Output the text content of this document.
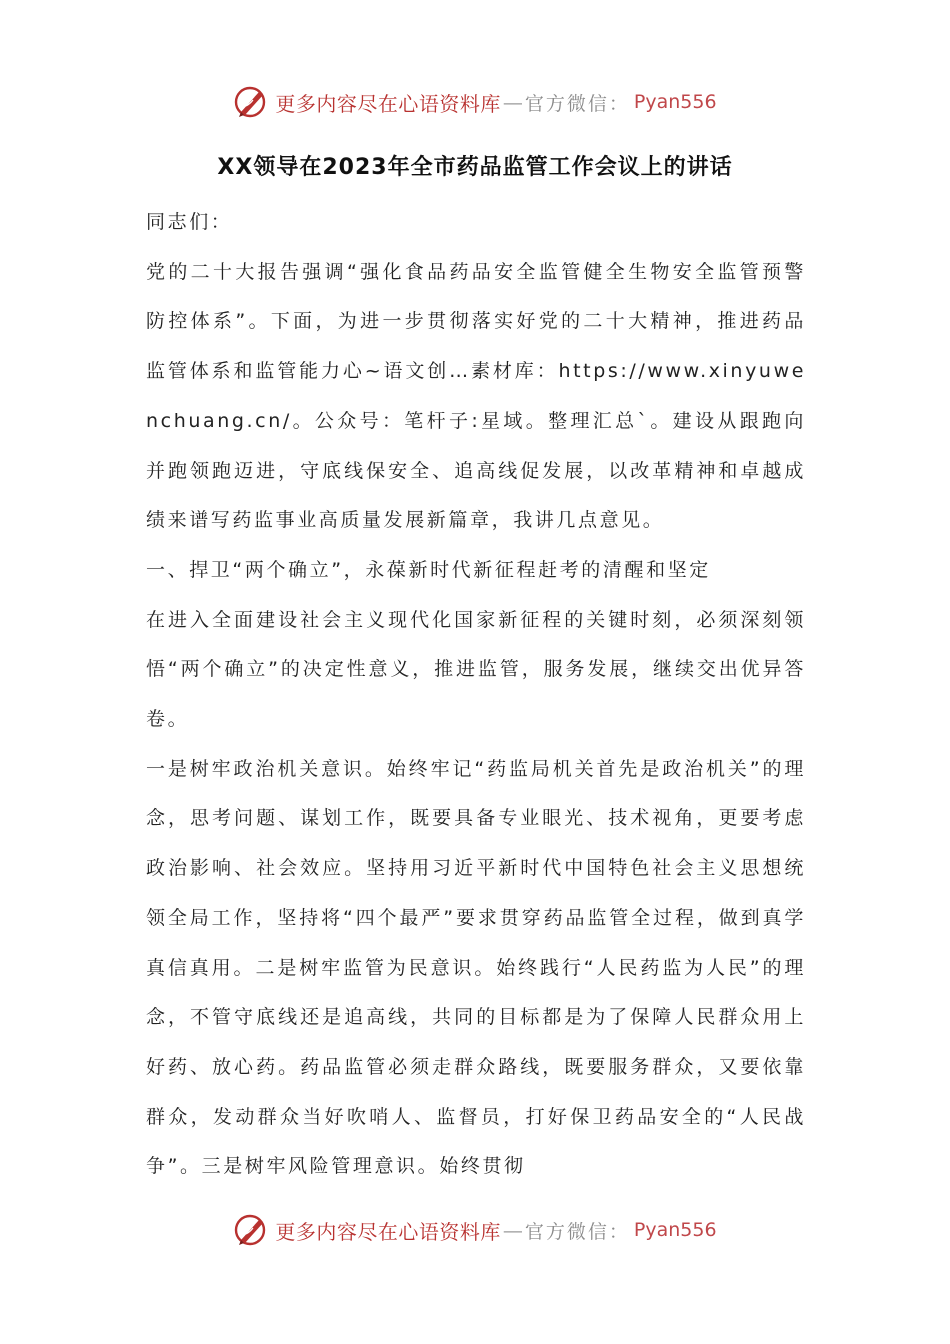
更多内容尽在心语资料库 — 官方微信： Pyan556
XX领导在2023年全市药品监管工作会议上的讲话

同志们：

党的二十大报告强调“强化食品药品安全监管健全生物安全监管预警防控体系”。下面，为进一步贯彻落实好党的二十大精神，推进药品监管体系和监管能力心~语文创…素材库：https://www.xinyuwenchuang.cn/。公众号：笔杆子:星域。整理汇总`。建设从跟跑向并跑领跑迈进，守底线保安全、追高线促发展，以改革精神和卓越成绩来谱写药监事业高质量发展新篇章，我讲几点意见。

一、捍卫“两个确立”，永葆新时代新征程赶考的清醒和坚定

在进入全面建设社会主义现代化国家新征程的关键时刻，必须深刻领悟“两个确立”的决定性意义，推进监管，服务发展，继续交出优异答卷。

一是树牢政治机关意识。始终牢记“药监局机关首先是政治机关”的理念，思考问题、谋划工作，既要具备专业眼光、技术视角，更要考虑政治影响、社会效应。坚持用习近平新时代中国特色社会主义思想统领全局工作，坚持将“四个最严”要求贯穿药品监管全过程，做到真学真信真用。二是树牢监管为民意识。始终践行“人民药监为人民”的理念，不管守底线还是追高线，共同的目标都是为了保障人民群众用上好药、放心药。药品监管必须走群众路线，既要服务群众，又要依靠群众，发动群众当好吹哨人、监督员，打好保卫药品安全的“人民战争”。三是树牢风险管理意识。始终贯彻

更多内容尽在心语资料库 — 官方微信： Pyan556
